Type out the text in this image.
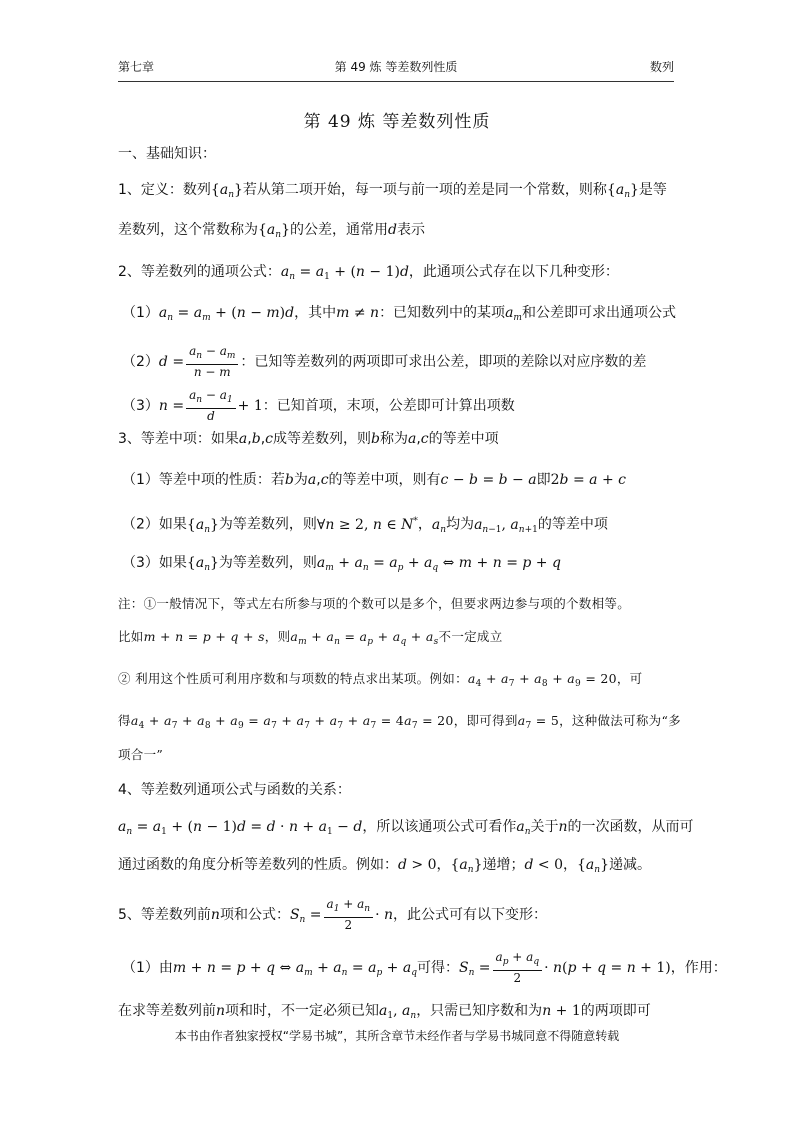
第七章	第 49 炼 等差数列性质	数列
第 49 炼 等差数列性质
一、基础知识：
1、定义：数列$\{a_n\}$若从第二项开始，每一项与前一项的差是同一个常数，则称$\{a_n\}$是等
差数列，这个常数称为$\{a_n\}$的公差，通常用d表示
2、等差数列的通项公式：$a_n = a_1 + (n - 1)d$，此通项公式存在以下几种变形：
$(1)a_n = a_m + (n - m)d$，其中m ≠ n：已知数列中的某项$a_m$和公差即可求出通项公式
$(2)d = \frac{a_n - a_m}{n - m}$ ：已知等差数列的两项即可求出公差，即项的差除以对应序数的差
$(3)n = \frac{a_n - a_1}{d} + 1$：已知首项，末项，公差即可计算出项数
3、等差中项：如果a,b,c成等差数列，则b称为a,c的等差中项
（1）等差中项的性质：若b为a,c的等差中项，则有c − b = b − a即2b = a + c
（2）如果$\{a_n\}$为等差数列，则∀n ≥ 2, n ∈ N*，$a_n$均为$a_{n-1}$, $a_{n+1}$的等差中项
（3）如果$\{a_n\}$为等差数列，则$a_m + a_n = a_p + a_q$ ⇔ m + n = p + q
注：①一般情况下，等式左右所参与项的个数可以是多个，但要求两边参与项的个数相等。
比如m + n = p + q + s，则$a_m + a_n = a_p + a_q + a_s$不一定成立
② 利用这个性质可利用序数和与项数的特点求出某项。例如：$a_4 + a_7 + a_8 + a_9 = 20$，可
得$a_4 + a_7 + a_8 + a_9 = a_7 + a_7 + a_7 + a_7 = 4a_7 = 20$，即可得到$a_7 = 5$，这种做法可称为“多
项合一”
4、等差数列通项公式与函数的关系：
$a_n = a_1 + (n - 1)d = d \cdot n + a_1 - d$，所以该通项公式可看作$a_n$关于n的一次函数，从而可
通过函数的角度分析等差数列的性质。例如：d > 0，$\{a_n\}$递增；d < 0，$\{a_n\}$递减。
5、等差数列前n项和公式：$S_n = \frac{a_1 + a_n}{2} \cdot n$，此公式可有以下变形：
（1）由m + n = p + q ⇔ $a_m + a_n = a_p + a_q$可得：$S_n = \frac{a_p + a_q}{2} \cdot n(p + q = n + 1)$，作用：
在求等差数列前n项和时，不一定必须已知$a_1$, $a_n$，只需已知序数和为n + 1的两项即可
本书由作者独家授权“学易书城”，其所含章节未经作者与学易书城同意不得随意转载
